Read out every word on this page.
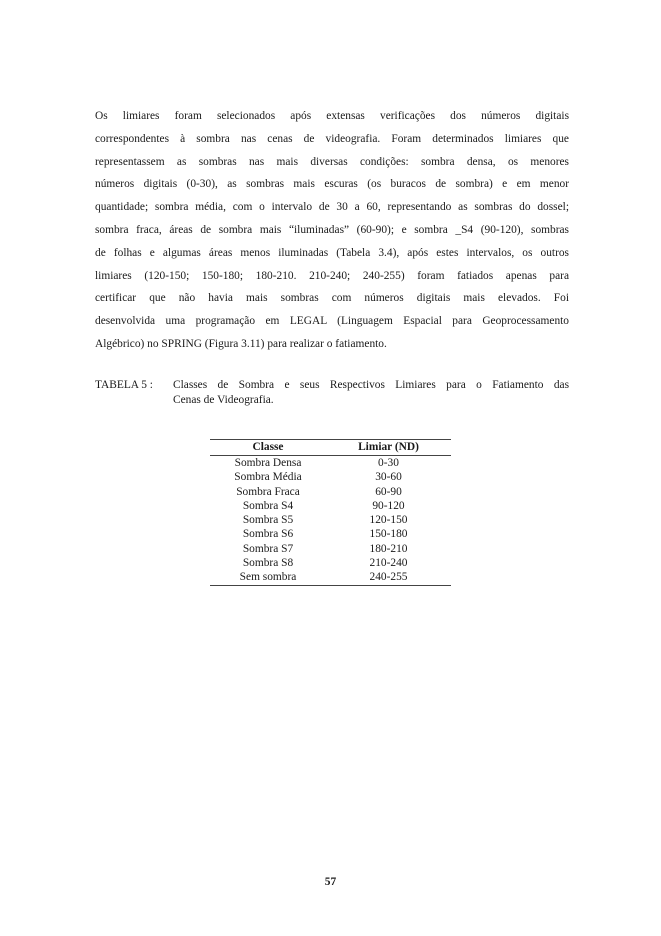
Os limiares foram selecionados após extensas verificações dos números digitais
correspondentes à sombra nas cenas de videografia. Foram determinados limiares que
representassem as sombras nas mais diversas condições: sombra densa, os menores
números digitais (0-30), as sombras mais escuras (os buracos de sombra) e em menor
quantidade; sombra média, com o intervalo de 30 a 60, representando as sombras do dossel;
sombra fraca, áreas de sombra mais “iluminadas” (60-90); e sombra _S4 (90-120), sombras
de folhas e algumas áreas menos iluminadas (Tabela 3.4), após estes intervalos, os outros
limiares (120-150; 150-180; 180-210. 210-240; 240-255) foram fatiados apenas para
certificar que não havia mais sombras com números digitais mais elevados. Foi
desenvolvida uma programação em LEGAL (Linguagem Espacial para Geoprocessamento
Algébrico) no SPRING (Figura 3.11) para realizar o fatiamento.
TABELA 5 : Classes de Sombra e seus Respectivos Limiares para o Fatiamento das
Cenas de Videografia.
Classe	Limiar (ND)
Sombra Densa	0-30
Sombra Média	30-60
Sombra Fraca	60-90
Sombra S4	90-120
Sombra S5	120-150
Sombra S6	150-180
Sombra S7	180-210
Sombra S8	210-240
Sem sombra	240-255
57
